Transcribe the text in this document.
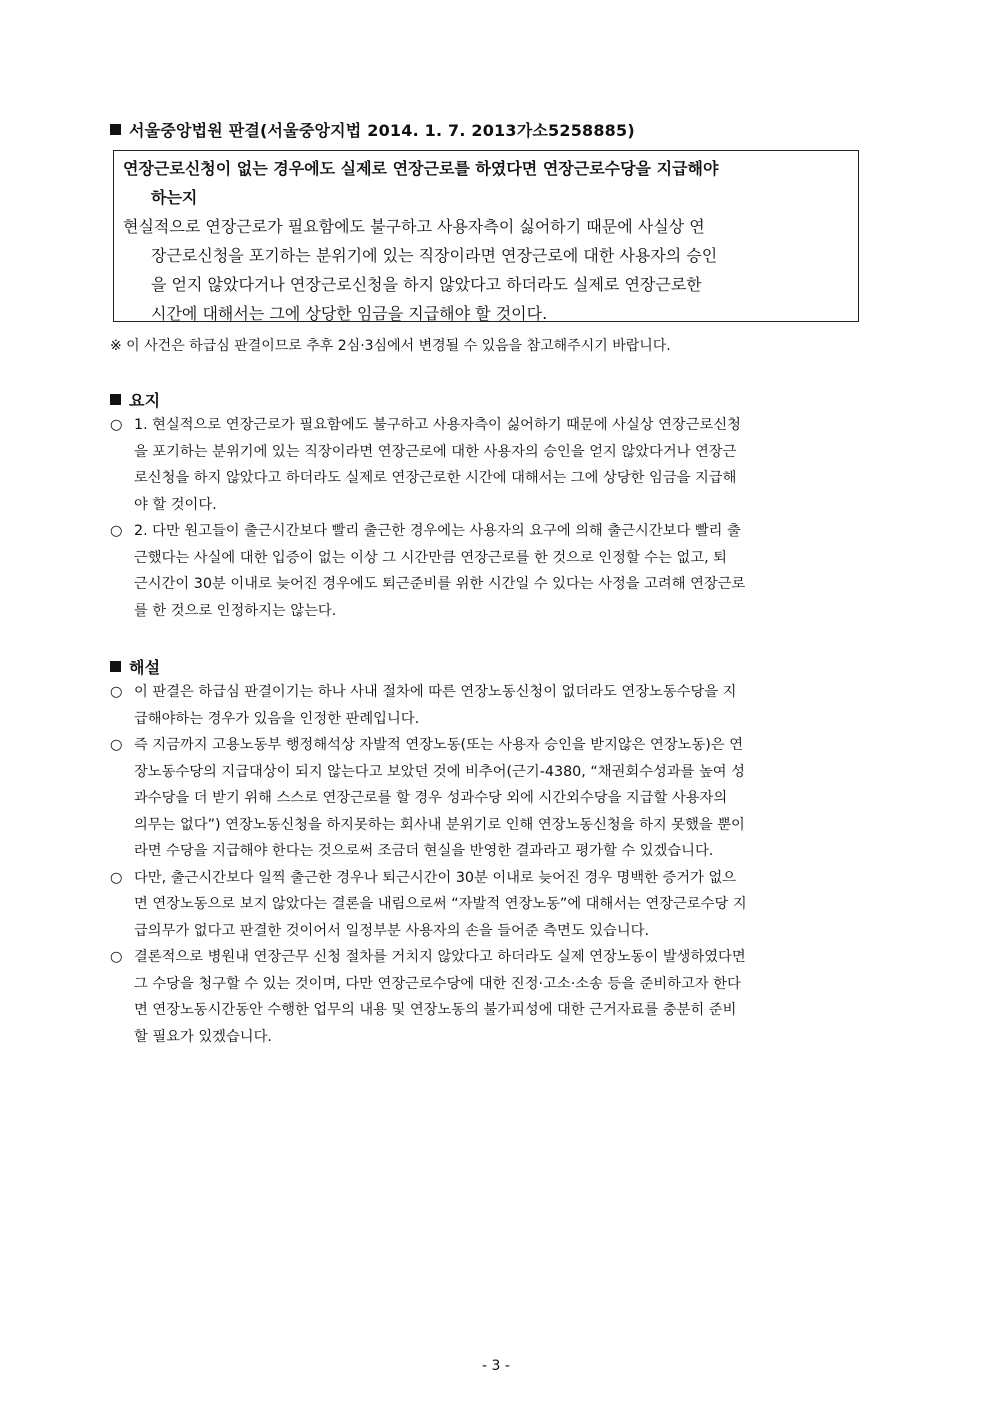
서울중앙법원 판결(서울중앙지법 2014. 1. 7. 2013가소5258885)
연장근로신청이 없는 경우에도 실제로 연장근로를 하였다면 연장근로수당을 지급해야
하는지
현실적으로 연장근로가 필요함에도 불구하고 사용자측이 싫어하기 때문에 사실상 연
장근로신청을 포기하는 분위기에 있는 직장이라면 연장근로에 대한 사용자의 승인
을 얻지 않았다거나 연장근로신청을 하지 않았다고 하더라도 실제로 연장근로한
시간에 대해서는 그에 상당한 임금을 지급해야 할 것이다.
※ 이 사건은 하급심 판결이므로 추후 2심·3심에서 변경될 수 있음을 참고해주시기 바랍니다.
요지
○ 1. 현실적으로 연장근로가 필요함에도 불구하고 사용자측이 싫어하기 때문에 사실상 연장근로신청
을 포기하는 분위기에 있는 직장이라면 연장근로에 대한 사용자의 승인을 얻지 않았다거나 연장근
로신청을 하지 않았다고 하더라도 실제로 연장근로한 시간에 대해서는 그에 상당한 임금을 지급해
야 할 것이다.
○ 2. 다만 원고들이 출근시간보다 빨리 출근한 경우에는 사용자의 요구에 의해 출근시간보다 빨리 출
근했다는 사실에 대한 입증이 없는 이상 그 시간만큼 연장근로를 한 것으로 인정할 수는 없고, 퇴
근시간이 30분 이내로 늦어진 경우에도 퇴근준비를 위한 시간일 수 있다는 사정을 고려해 연장근로
를 한 것으로 인정하지는 않는다.
해설
○ 이 판결은 하급심 판결이기는 하나 사내 절차에 따른 연장노동신청이 없더라도 연장노동수당을 지
급해야하는 경우가 있음을 인정한 판례입니다.
○ 즉 지금까지 고용노동부 행정해석상 자발적 연장노동(또는 사용자 승인을 받지않은 연장노동)은 연
장노동수당의 지급대상이 되지 않는다고 보았던 것에 비추어(근기-4380, “채권회수성과를 높여 성
과수당을 더 받기 위해 스스로 연장근로를 할 경우 성과수당 외에 시간외수당을 지급할 사용자의
의무는 없다”) 연장노동신청을 하지못하는 회사내 분위기로 인해 연장노동신청을 하지 못했을 뿐이
라면 수당을 지급해야 한다는 것으로써 조금더 현실을 반영한 결과라고 평가할 수 있겠습니다.
○ 다만, 출근시간보다 일찍 출근한 경우나 퇴근시간이 30분 이내로 늦어진 경우 명백한 증거가 없으
면 연장노동으로 보지 않았다는 결론을 내림으로써 “자발적 연장노동”에 대해서는 연장근로수당 지
급의무가 없다고 판결한 것이어서 일정부분 사용자의 손을 들어준 측면도 있습니다.
○ 결론적으로 병원내 연장근무 신청 절차를 거치지 않았다고 하더라도 실제 연장노동이 발생하였다면
그 수당을 청구할 수 있는 것이며, 다만 연장근로수당에 대한 진정·고소·소송 등을 준비하고자 한다
면 연장노동시간동안 수행한 업무의 내용 및 연장노동의 불가피성에 대한 근거자료를 충분히 준비
할 필요가 있겠습니다.
- 3 -
